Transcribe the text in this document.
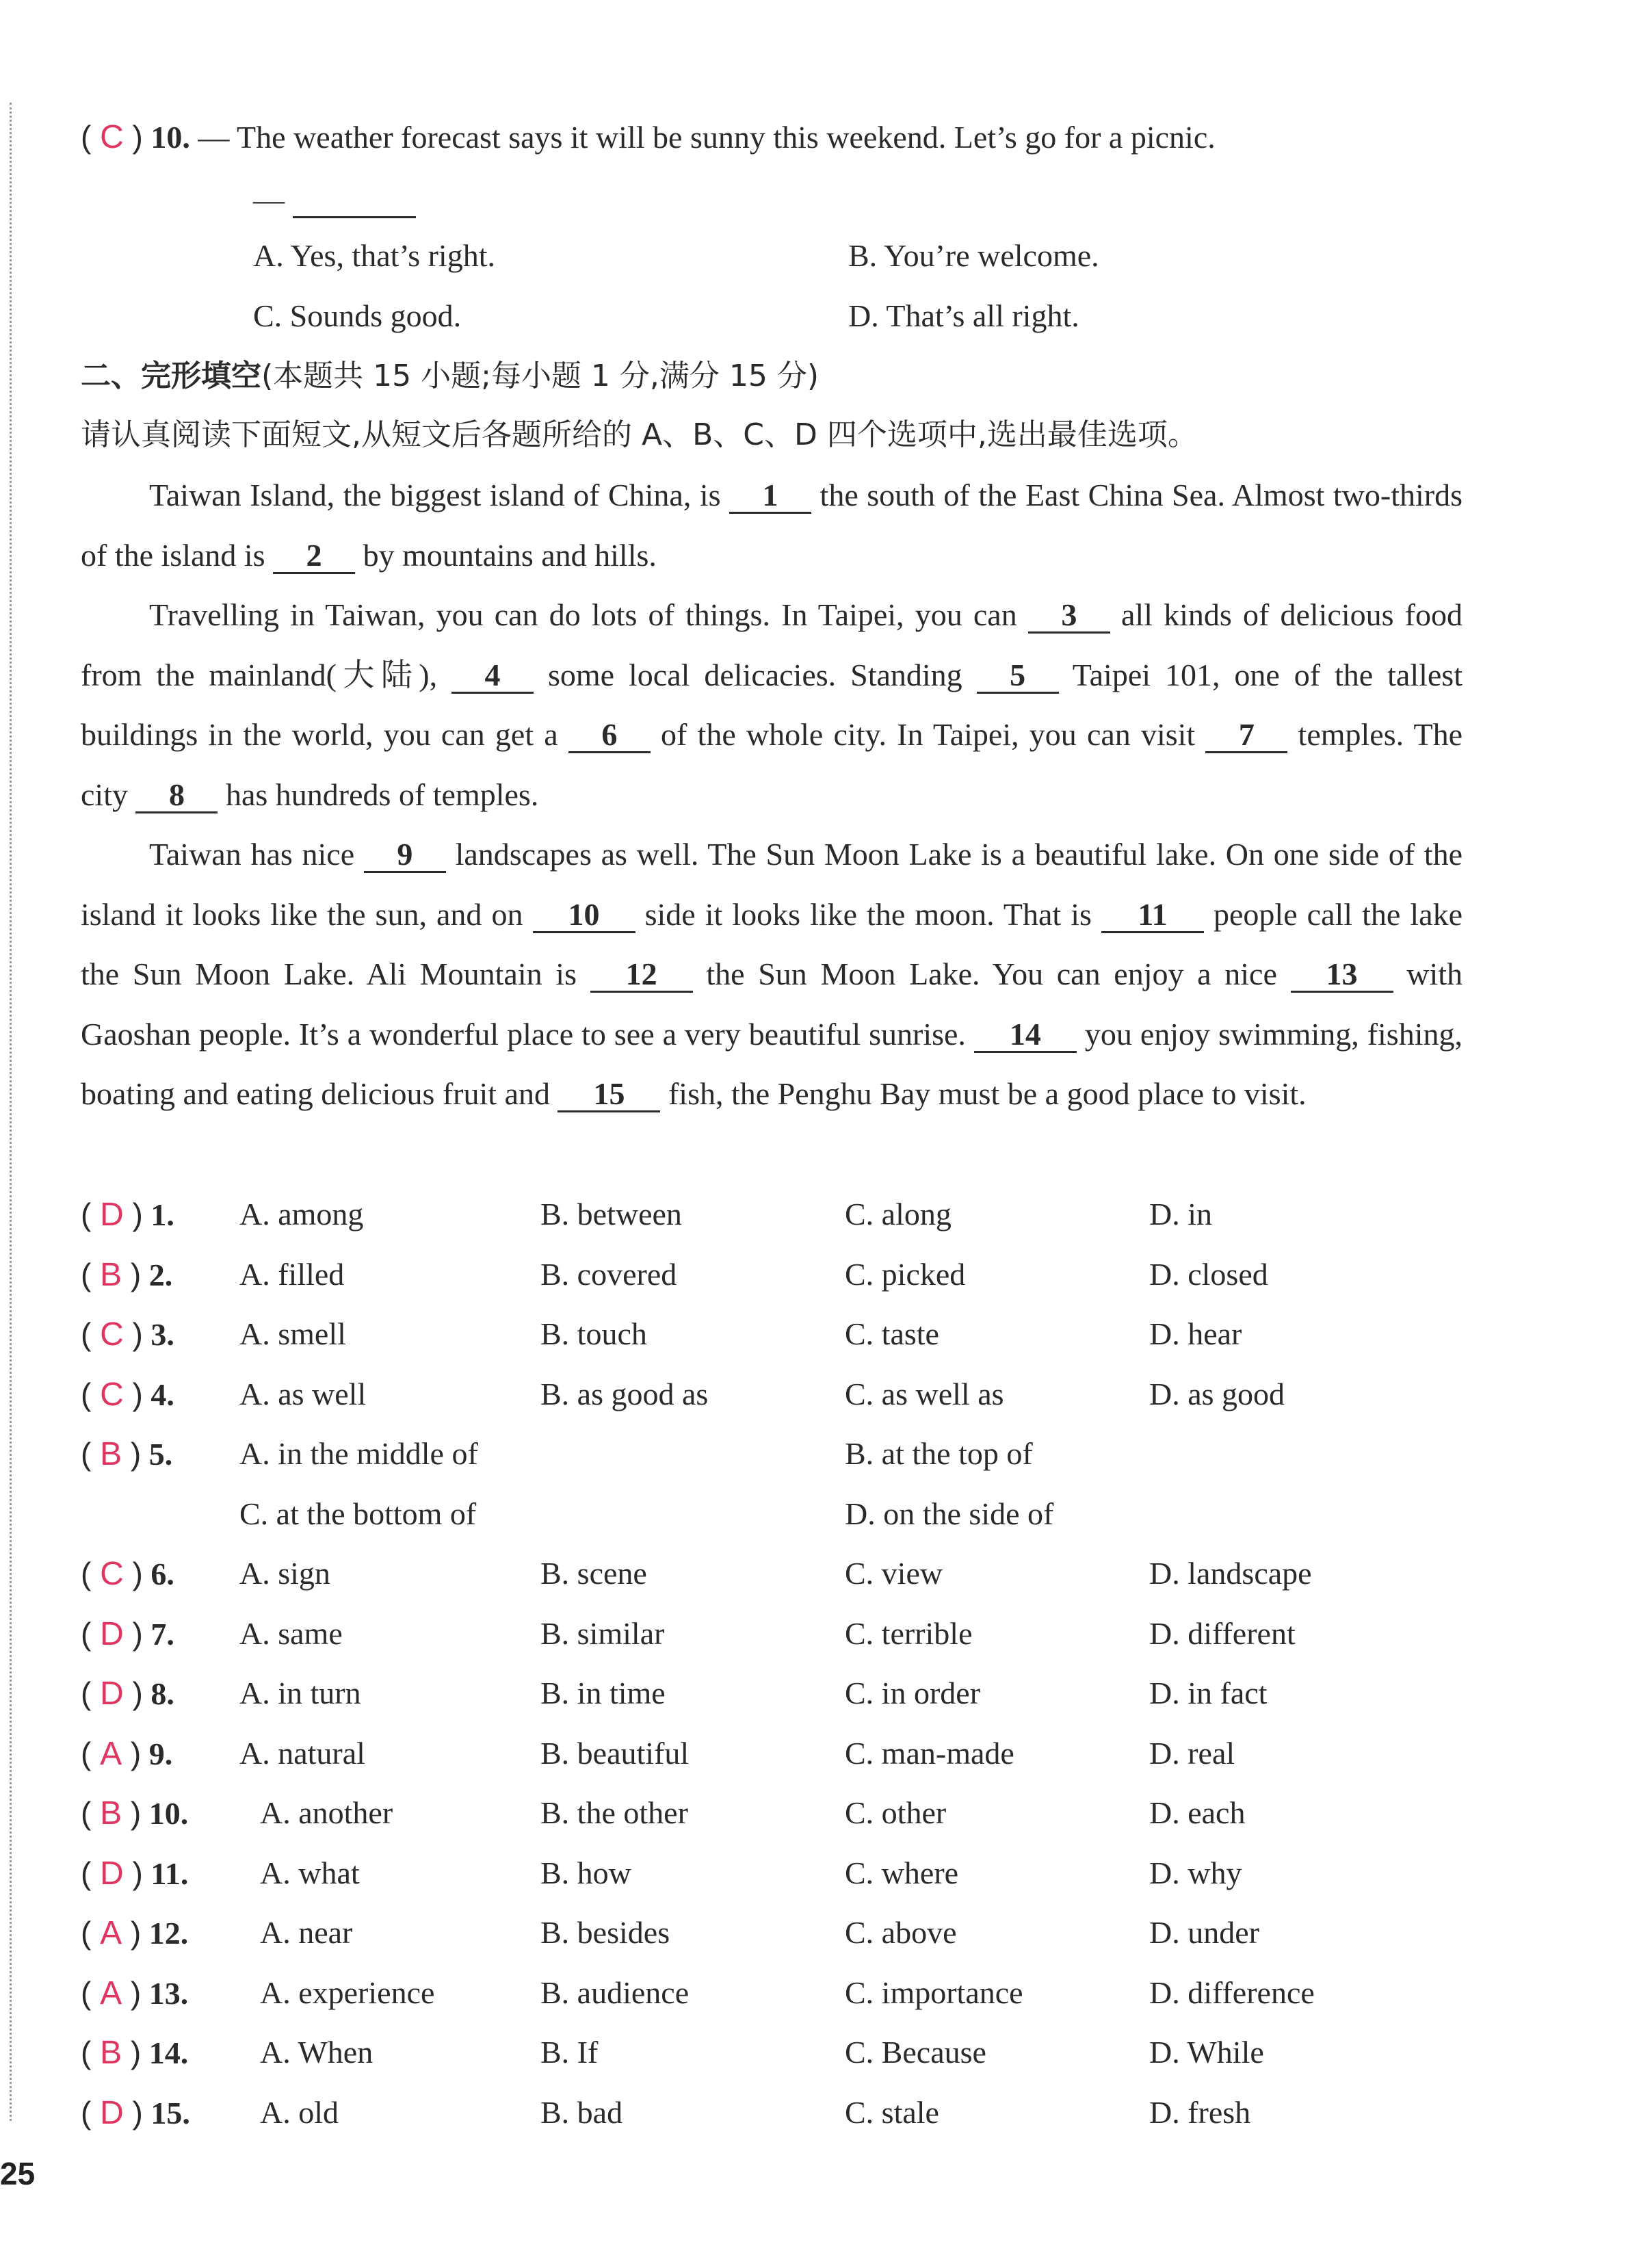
( C ) 10. — The weather forecast says it will be sunny this weekend. Let’s go for a picnic.
—
A. Yes, that’s right.	B. You’re welcome.
C. Sounds good.	D. That’s all right.
二、完形填空(本题共 15 小题;每小题 1 分,满分 15 分)
请认真阅读下面短文,从短文后各题所给的 A、B、C、D 四个选项中,选出最佳选项。
Taiwan Island, the biggest island of China, is 1 the south of the East China Sea. Almost two-thirds of the island is 2 by mountains and hills.
Travelling in Taiwan, you can do lots of things. In Taipei, you can 3 all kinds of delicious food from the mainland(大陆), 4 some local delicacies. Standing 5 Taipei 101, one of the tallest buildings in the world, you can get a 6 of the whole city. In Taipei, you can visit 7 temples. The city 8 has hundreds of temples.
Taiwan has nice 9 landscapes as well. The Sun Moon Lake is a beautiful lake. On one side of the island it looks like the sun, and on 10 side it looks like the moon. That is 11 people call the lake the Sun Moon Lake. Ali Mountain is 12 the Sun Moon Lake. You can enjoy a nice 13 with Gaoshan people. It’s a wonderful place to see a very beautiful sunrise. 14 you enjoy swimming, fishing, boating and eating delicious fruit and 15 fish, the Penghu Bay must be a good place to visit.
( D ) 1. A. among	B. between	C. along	D. in
( B ) 2. A. filled	B. covered	C. picked	D. closed
( C ) 3. A. smell	B. touch	C. taste	D. hear
( C ) 4. A. as well	B. as good as	C. as well as	D. as good
( B ) 5. A. in the middle of	B. at the top of
C. at the bottom of	D. on the side of
( C ) 6. A. sign	B. scene	C. view	D. landscape
( D ) 7. A. same	B. similar	C. terrible	D. different
( D ) 8. A. in turn	B. in time	C. in order	D. in fact
( A ) 9. A. natural	B. beautiful	C. man-made	D. real
( B ) 10. A. another	B. the other	C. other	D. each
( D ) 11. A. what	B. how	C. where	D. why
( A ) 12. A. near	B. besides	C. above	D. under
( A ) 13. A. experience	B. audience	C. importance	D. difference
( B ) 14. A. When	B. If	C. Because	D. While
( D ) 15. A. old	B. bad	C. stale	D. fresh
25
